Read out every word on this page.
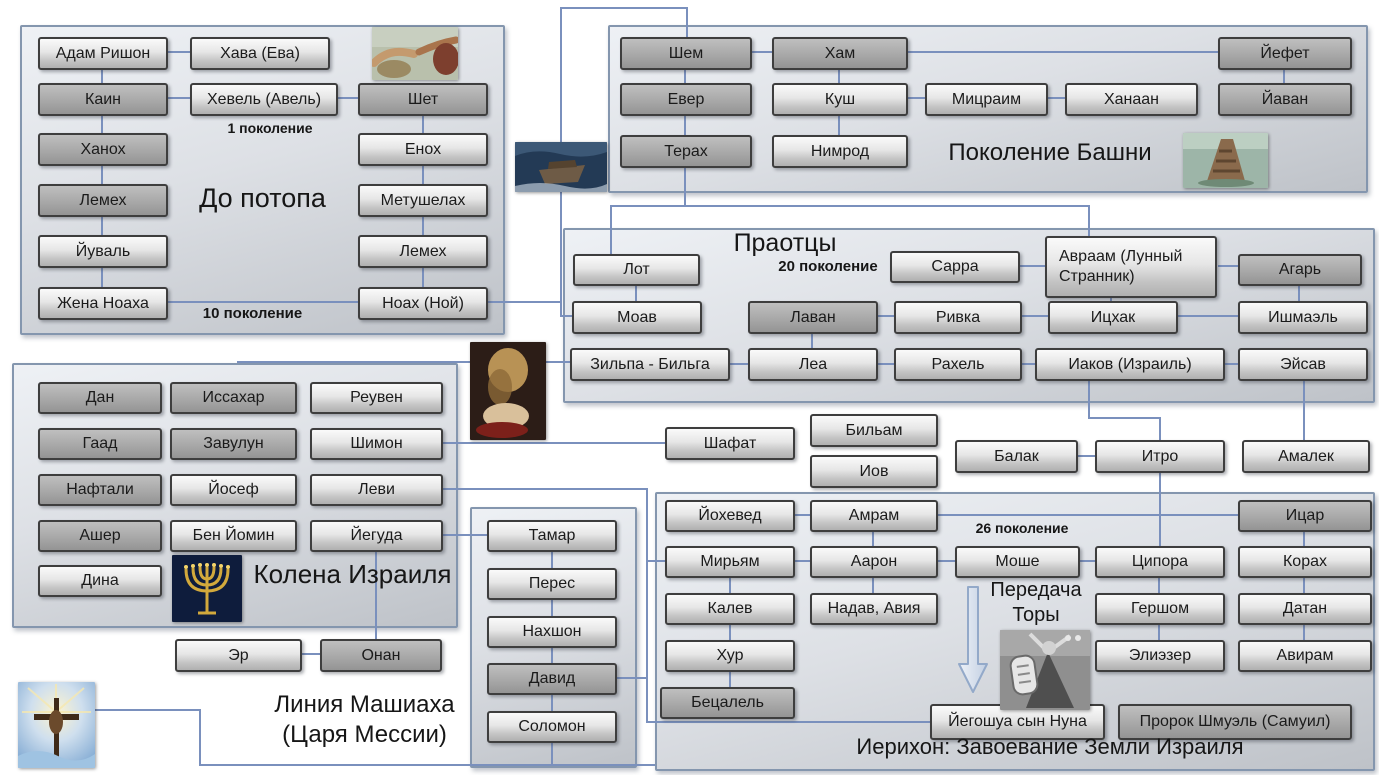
Адам Ришон	Хава (Ева)
Каин	Хевель (Авель)	Шет
Ханох	Енох
Лемех	Метушелах
Йуваль	Лемех
Жена Ноаха	Ноах (Ной)
Шем	Хам	Йефет
Евер	Куш	Мицраим	Ханаан	Йаван
Терах	Нимрод
Лот	Сарра
Авраам (Лунный Странник)	Агарь
Моав	Лаван	Ривка	Ицхак	Ишмаэль
Зильпа - Бильга	Леа	Рахель	Иаков (Израиль)	Эйсав
Дан	Иссахар	Реувен
Гаад	Завулун	Шимон
Нафтали	Йосеф	Леви
Ашер	Бен Йомин	Йегуда
Дина
Шафат
Бильам
Иов
Балак	Итро	Амалек
Эр	Онан
Тамар
Перес
Нахшон
Давид
Соломон
Йохевед	Амрам	Ицар
Мирьям	Аарон	Моше	Ципора	Корах
Калев	Надав, Авия	Гершом	Датан
Хур	Элиэзер	Авирам
Бецалель
Йегошуа сын Нуна	Пророк Шмуэль (Самуил)
1 поколение
До потопа
10 поколение
Поколение Башни
Праотцы
20 поколение
Колена Израиля
26 поколение
Передача Торы
Линия Машиаха (Царя Мессии)	Иерихон: Завоевание Земли Израиля
